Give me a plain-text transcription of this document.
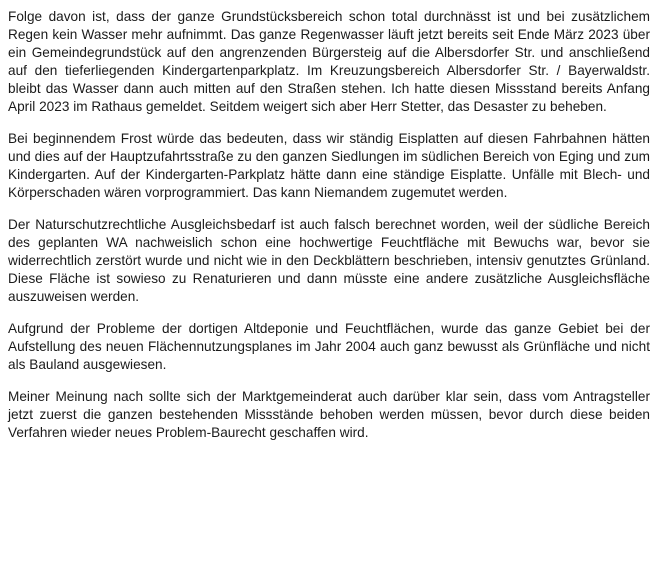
Folge davon ist, dass der ganze Grundstücksbereich schon total durchnässt ist und bei zusätzlichem Regen kein Wasser mehr aufnimmt. Das ganze Regenwasser läuft jetzt bereits seit Ende März 2023 über ein Gemeindegrundstück auf den angrenzenden Bürgersteig auf die Albersdorfer Str. und anschließend auf den tieferliegenden Kindergartenparkplatz. Im Kreuzungsbereich Albersdorfer Str. / Bayerwaldstr. bleibt das Wasser dann auch mitten auf den Straßen stehen. Ich hatte diesen Missstand bereits Anfang April 2023 im Rathaus gemeldet. Seitdem weigert sich aber Herr Stetter, das Desaster zu beheben.

Bei beginnendem Frost würde das bedeuten, dass wir ständig Eisplatten auf diesen Fahrbahnen hätten und dies auf der Hauptzufahrtsstraße zu den ganzen Siedlungen im südlichen Bereich von Eging und zum Kindergarten. Auf der Kindergarten-Parkplatz hätte dann eine ständige Eisplatte. Unfälle mit Blech- und Körperschaden wären vorprogrammiert. Das kann Niemandem zugemutet werden.

Der Naturschutzrechtliche Ausgleichsbedarf ist auch falsch berechnet worden, weil der südliche Bereich des geplanten WA nachweislich schon eine hochwertige Feuchtfläche mit Bewuchs war, bevor sie widerrechtlich zerstört wurde und nicht wie in den Deckblättern beschrieben, intensiv genutztes Grünland. Diese Fläche ist sowieso zu Renaturieren und dann müsste eine andere zusätzliche Ausgleichsfläche auszuweisen werden.

Aufgrund der Probleme der dortigen Altdeponie und Feuchtflächen, wurde das ganze Gebiet bei der Aufstellung des neuen Flächennutzungsplanes im Jahr 2004 auch ganz bewusst als Grünfläche und nicht als Bauland ausgewiesen.

Meiner Meinung nach sollte sich der Marktgemeinderat auch darüber klar sein, dass vom Antragsteller jetzt zuerst die ganzen bestehenden Missstände behoben werden müssen, bevor durch diese beiden Verfahren wieder neues Problem-Baurecht geschaffen wird.
